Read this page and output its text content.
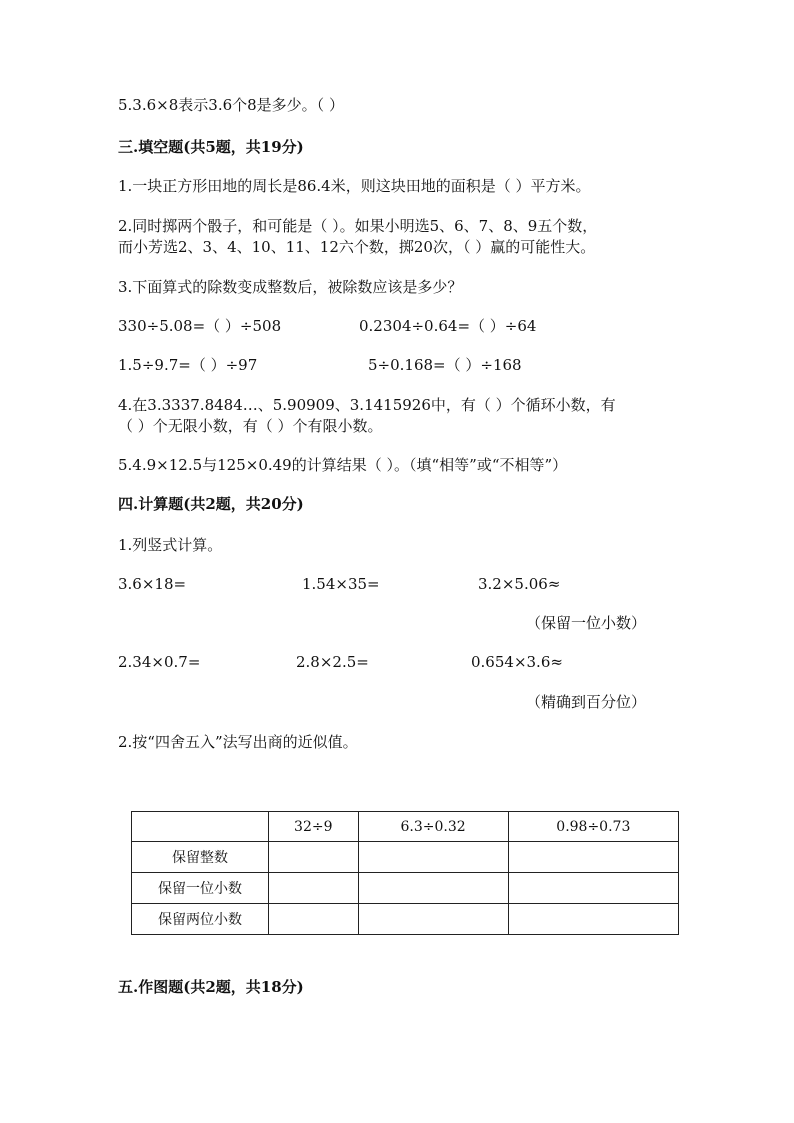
5.3.6×8表示3.6个8是多少。（ ）
三.填空题(共5题，共19分)
1.一块正方形田地的周长是86.4米，则这块田地的面积是（ ）平方米。
2.同时掷两个骰子，和可能是（ ）。如果小明选5、6、7、8、9五个数，
而小芳选2、3、4、10、11、12六个数，掷20次，（ ）赢的可能性大。
3.下面算式的除数变成整数后，被除数应该是多少？
330÷5.08=（ ）÷508	0.2304÷0.64=（ ）÷64
1.5÷9.7=（ ）÷97	5÷0.168=（ ）÷168
4.在3.3337.8484…、5.90909、3.1415926中，有（ ）个循环小数，有
（ ）个无限小数，有（ ）个有限小数。
5.4.9×12.5与125×0.49的计算结果（ ）。（填“相等”或“不相等”）
四.计算题(共2题，共20分)
1.列竖式计算。
3.6×18=	1.54×35=	3.2×5.06≈
（保留一位小数）
2.34×0.7=	2.8×2.5=	0.654×3.6≈
（精确到百分位）
2.按“四舍五入”法写出商的近似值。
	32÷9	6.3÷0.32	0.98÷0.73
保留整数			
保留一位小数			
保留两位小数			
五.作图题(共2题，共18分)
